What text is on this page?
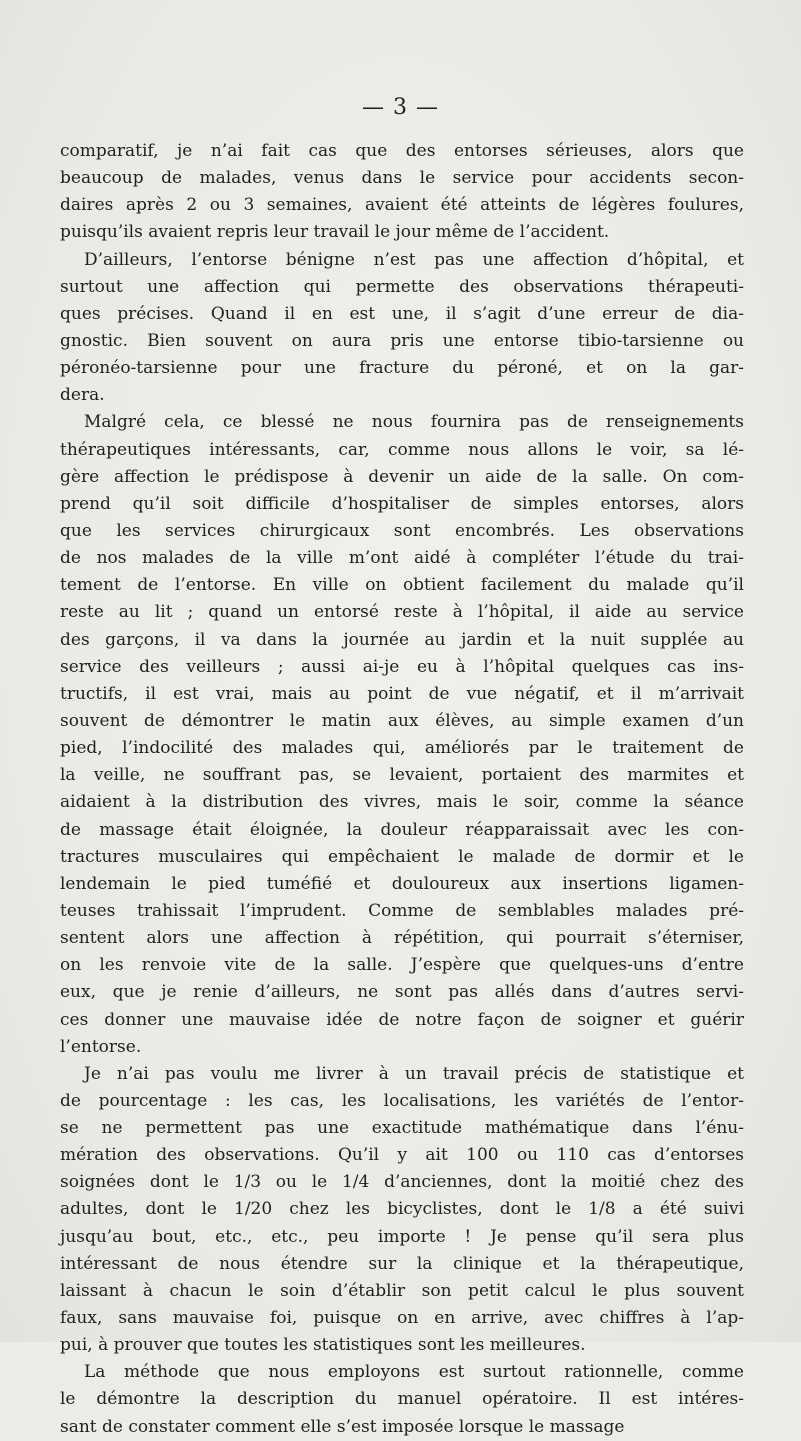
— 3 —
comparatif, je n’ai fait cas que des entorses sérieuses, alors que
beaucoup de malades, venus dans le service pour accidents secon-
daires après 2 ou 3 semaines, avaient été atteints de légères foulures,
puisqu’ils avaient repris leur travail le jour même de l’accident.
D’ailleurs, l’entorse bénigne n’est pas une affection d’hôpital, et
surtout une affection qui permette des observations thérapeuti-
ques précises. Quand il en est une, il s’agit d’une erreur de dia-
gnostic. Bien souvent on aura pris une entorse tibio-tarsienne ou
péronéo-tarsienne pour une fracture du péroné, et on la gar-
dera.
Malgré cela, ce blessé ne nous fournira pas de renseignements
thérapeutiques intéressants, car, comme nous allons le voir, sa lé-
gère affection le prédispose à devenir un aide de la salle. On com-
prend qu’il soit difficile d’hospitaliser de simples entorses, alors
que les services chirurgicaux sont encombrés. Les observations
de nos malades de la ville m’ont aidé à compléter l’étude du trai-
tement de l’entorse. En ville on obtient facilement du malade qu’il
reste au lit ; quand un entorsé reste à l’hôpital, il aide au service
des garçons, il va dans la journée au jardin et la nuit supplée au
service des veilleurs ; aussi ai-je eu à l’hôpital quelques cas ins-
tructifs, il est vrai, mais au point de vue négatif, et il m’arrivait
souvent de démontrer le matin aux élèves, au simple examen d’un
pied, l’indocilité des malades qui, améliorés par le traitement de
la veille, ne souffrant pas, se levaient, portaient des marmites et
aidaient à la distribution des vivres, mais le soir, comme la séance
de massage était éloignée, la douleur réapparaissait avec les con-
tractures musculaires qui empêchaient le malade de dormir et le
lendemain le pied tuméfié et douloureux aux insertions ligamen-
teuses trahissait l’imprudent. Comme de semblables malades pré-
sentent alors une affection à répétition, qui pourrait s’éterniser,
on les renvoie vite de la salle. J’espère que quelques-uns d’entre
eux, que je renie d’ailleurs, ne sont pas allés dans d’autres servi-
ces donner une mauvaise idée de notre façon de soigner et guérir
l’entorse.
Je n’ai pas voulu me livrer à un travail précis de statistique et
de pourcentage : les cas, les localisations, les variétés de l’entor-
se ne permettent pas une exactitude mathématique dans l’énu-
mération des observations. Qu’il y ait 100 ou 110 cas d’entorses
soignées dont le 1/3 ou le 1/4 d’anciennes, dont la moitié chez des
adultes, dont le 1/20 chez les bicyclistes, dont le 1/8 a été suivi
jusqu’au bout, etc., etc., peu importe ! Je pense qu’il sera plus
intéressant de nous étendre sur la clinique et la thérapeutique,
laissant à chacun le soin d’établir son petit calcul le plus souvent
faux, sans mauvaise foi, puisque on en arrive, avec chiffres à l’ap-
pui, à prouver que toutes les statistiques sont les meilleures.
La méthode que nous employons est surtout rationnelle, comme
le démontre la description du manuel opératoire. Il est intéres-
sant de constater comment elle s’est imposée lorsque le massage
